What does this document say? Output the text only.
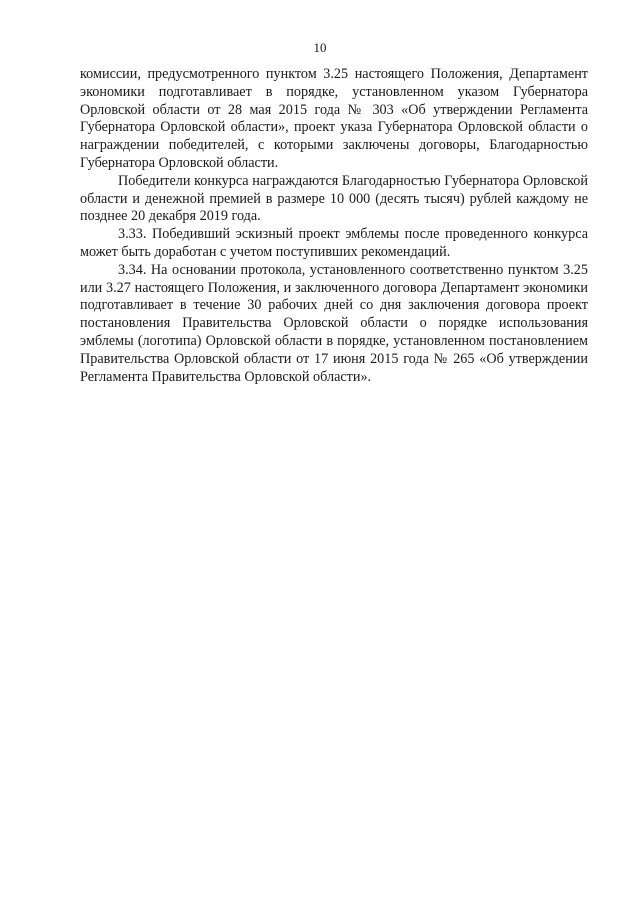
10

комиссии, предусмотренного пунктом 3.25 настоящего Положения, Департамент экономики подготавливает в порядке, установленном указом Губернатора Орловской области от 28 мая 2015 года № 303 «Об утверждении Регламента Губернатора Орловской области», проект указа Губернатора Орловской области о награждении победителей, с которыми заключены договоры, Благодарностью Губернатора Орловской области.

Победители конкурса награждаются Благодарностью Губернатора Орловской области и денежной премией в размере 10 000 (десять тысяч) рублей каждому не позднее 20 декабря 2019 года.

3.33. Победивший эскизный проект эмблемы после проведенного конкурса может быть доработан с учетом поступивших рекомендаций.

3.34. На основании протокола, установленного соответственно пунктом 3.25 или 3.27 настоящего Положения, и заключенного договора Департамент экономики подготавливает в течение 30 рабочих дней со дня заключения договора проект постановления Правительства Орловской области о порядке использования эмблемы (логотипа) Орловской области в порядке, установленном постановлением Правительства Орловской области от 17 июня 2015 года № 265 «Об утверждении Регламента Правительства Орловской области».
